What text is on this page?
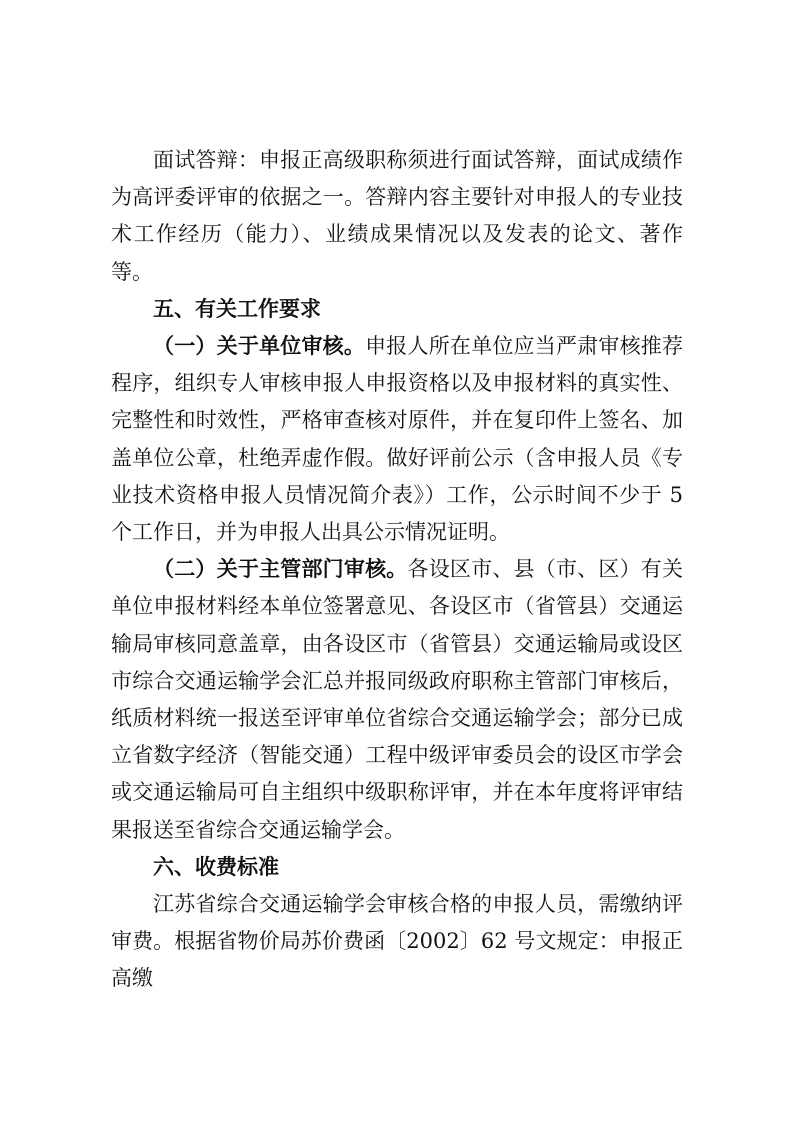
面试答辩：申报正高级职称须进行面试答辩，面试成绩作为高评委评审的依据之一。答辩内容主要针对申报人的专业技术工作经历（能力）、业绩成果情况以及发表的论文、著作等。

五、有关工作要求

（一）关于单位审核。申报人所在单位应当严肃审核推荐程序，组织专人审核申报人申报资格以及申报材料的真实性、完整性和时效性，严格审查核对原件，并在复印件上签名、加盖单位公章，杜绝弄虚作假。做好评前公示（含申报人员《专业技术资格申报人员情况简介表》）工作，公示时间不少于 5 个工作日，并为申报人出具公示情况证明。

（二）关于主管部门审核。各设区市、县（市、区）有关单位申报材料经本单位签署意见、各设区市（省管县）交通运输局审核同意盖章，由各设区市（省管县）交通运输局或设区市综合交通运输学会汇总并报同级政府职称主管部门审核后，纸质材料统一报送至评审单位省综合交通运输学会；部分已成立省数字经济（智能交通）工程中级评审委员会的设区市学会或交通运输局可自主组织中级职称评审，并在本年度将评审结果报送至省综合交通运输学会。

六、收费标准

江苏省综合交通运输学会审核合格的申报人员，需缴纳评审费。根据省物价局苏价费函〔2002〕62 号文规定：申报正高缴
